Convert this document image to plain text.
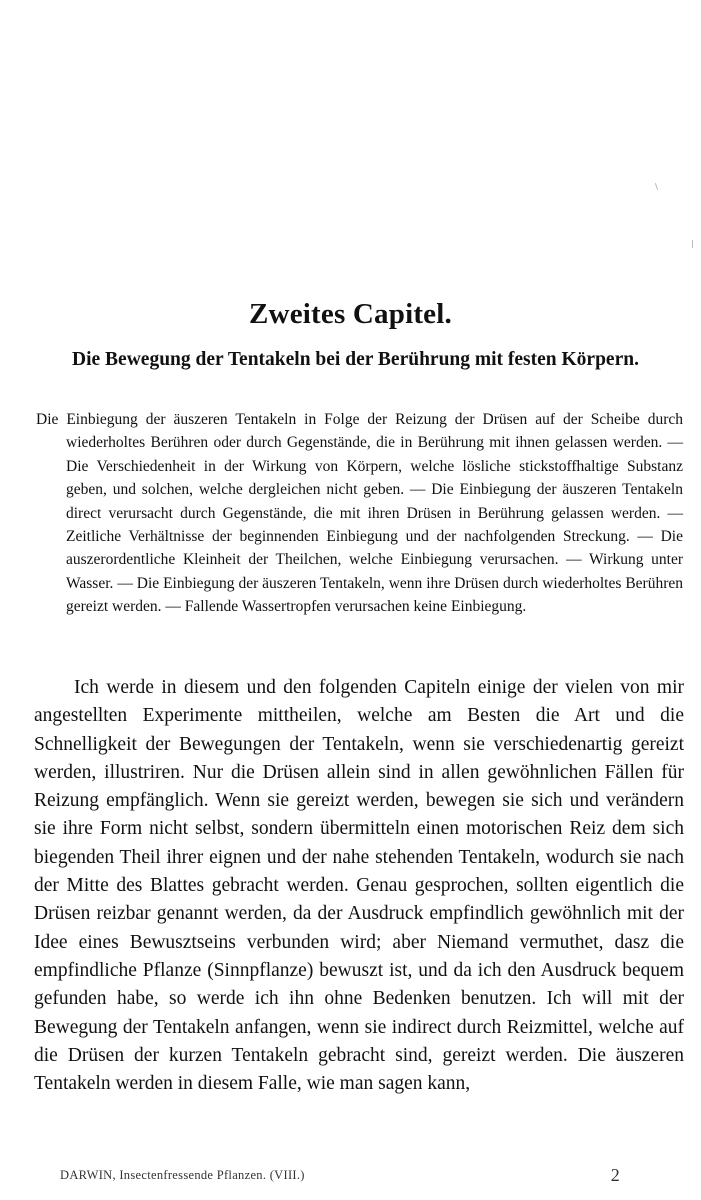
Zweites Capitel.
Die Bewegung der Tentakeln bei der Berührung mit festen Körpern.

Die Einbiegung der äuszeren Tentakeln in Folge der Reizung der Drüsen auf der Scheibe durch wiederholtes Berühren oder durch Gegenstände, die in Berührung mit ihnen gelassen werden. — Die Verschiedenheit in der Wirkung von Körpern, welche lösliche stickstoffhaltige Substanz geben, und solchen, welche dergleichen nicht geben. — Die Einbiegung der äuszeren Tentakeln direct verursacht durch Gegenstände, die mit ihren Drüsen in Berührung gelassen werden. — Zeitliche Verhältnisse der beginnenden Einbiegung und der nachfolgenden Streckung. — Die auszerordentliche Kleinheit der Theilchen, welche Einbiegung verursachen. — Wirkung unter Wasser. — Die Einbiegung der äuszeren Tentakeln, wenn ihre Drüsen durch wiederholtes Berühren gereizt werden. — Fallende Wassertropfen verursachen keine Einbiegung.

Ich werde in diesem und den folgenden Capiteln einige der vielen von mir angestellten Experimente mittheilen, welche am Besten die Art und die Schnelligkeit der Bewegungen der Tentakeln, wenn sie verschiedenartig gereizt werden, illustriren. Nur die Drüsen allein sind in allen gewöhnlichen Fällen für Reizung empfänglich. Wenn sie gereizt werden, bewegen sie sich und verändern sie ihre Form nicht selbst, sondern übermitteln einen motorischen Reiz dem sich biegenden Theil ihrer eignen und der nahe stehenden Tentakeln, wodurch sie nach der Mitte des Blattes gebracht werden. Genau gesprochen, sollten eigentlich die Drüsen reizbar genannt werden, da der Ausdruck empfindlich gewöhnlich mit der Idee eines Bewusztseins verbunden wird; aber Niemand vermuthet, dasz die empfindliche Pflanze (Sinnpflanze) bewuszt ist, und da ich den Ausdruck bequem gefunden habe, so werde ich ihn ohne Bedenken benutzen. Ich will mit der Bewegung der Tentakeln anfangen, wenn sie indirect durch Reizmittel, welche auf die Drüsen der kurzen Tentakeln gebracht sind, gereizt werden. Die äuszeren Tentakeln werden in diesem Falle, wie man sagen kann,

DARWIN, Insectenfressende Pflanzen. (VIII.)	2
